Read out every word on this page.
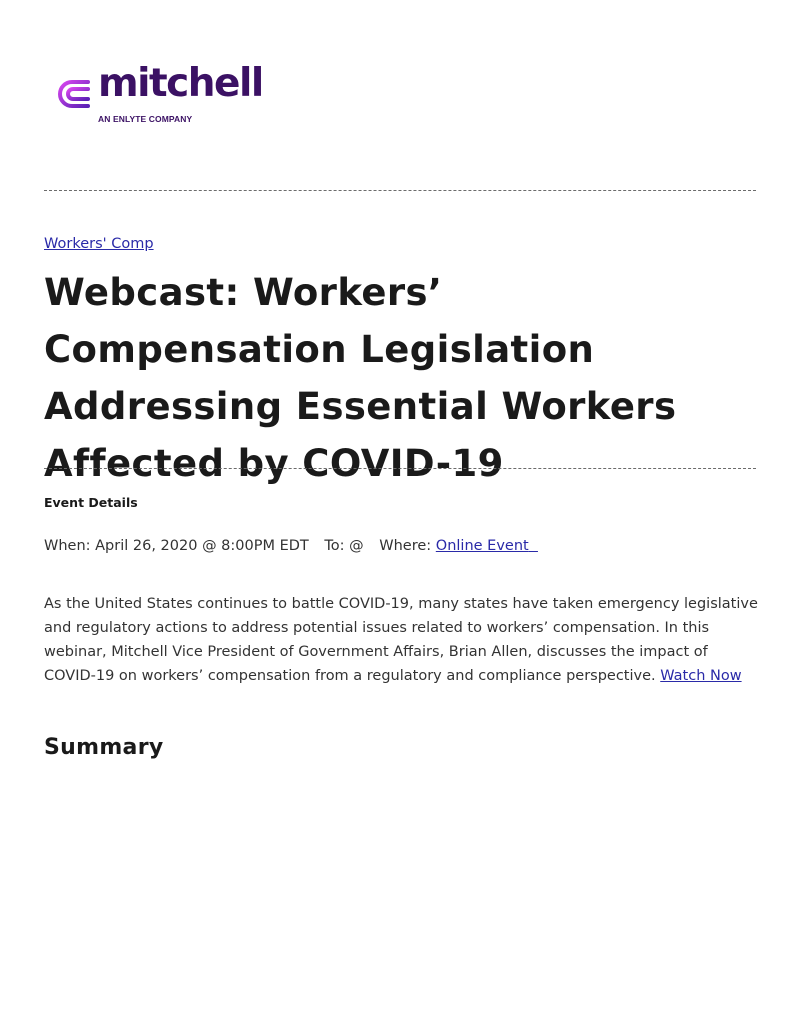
mitchell
AN ENLYTE COMPANY
Workers' Comp
Webcast: Workers’ Compensation Legislation Addressing Essential Workers Affected by COVID-19
Event Details
When: April 26, 2020 @ 8:00PM EDT To: @ Where: Online Event

As the United States continues to battle COVID-19, many states have taken emergency legislative and regulatory actions to address potential issues related to workers’ compensation. In this webinar, Mitchell Vice President of Government Affairs, Brian Allen, discusses the impact of COVID-19 on workers’ compensation from a regulatory and compliance perspective. Watch Now

Summary
